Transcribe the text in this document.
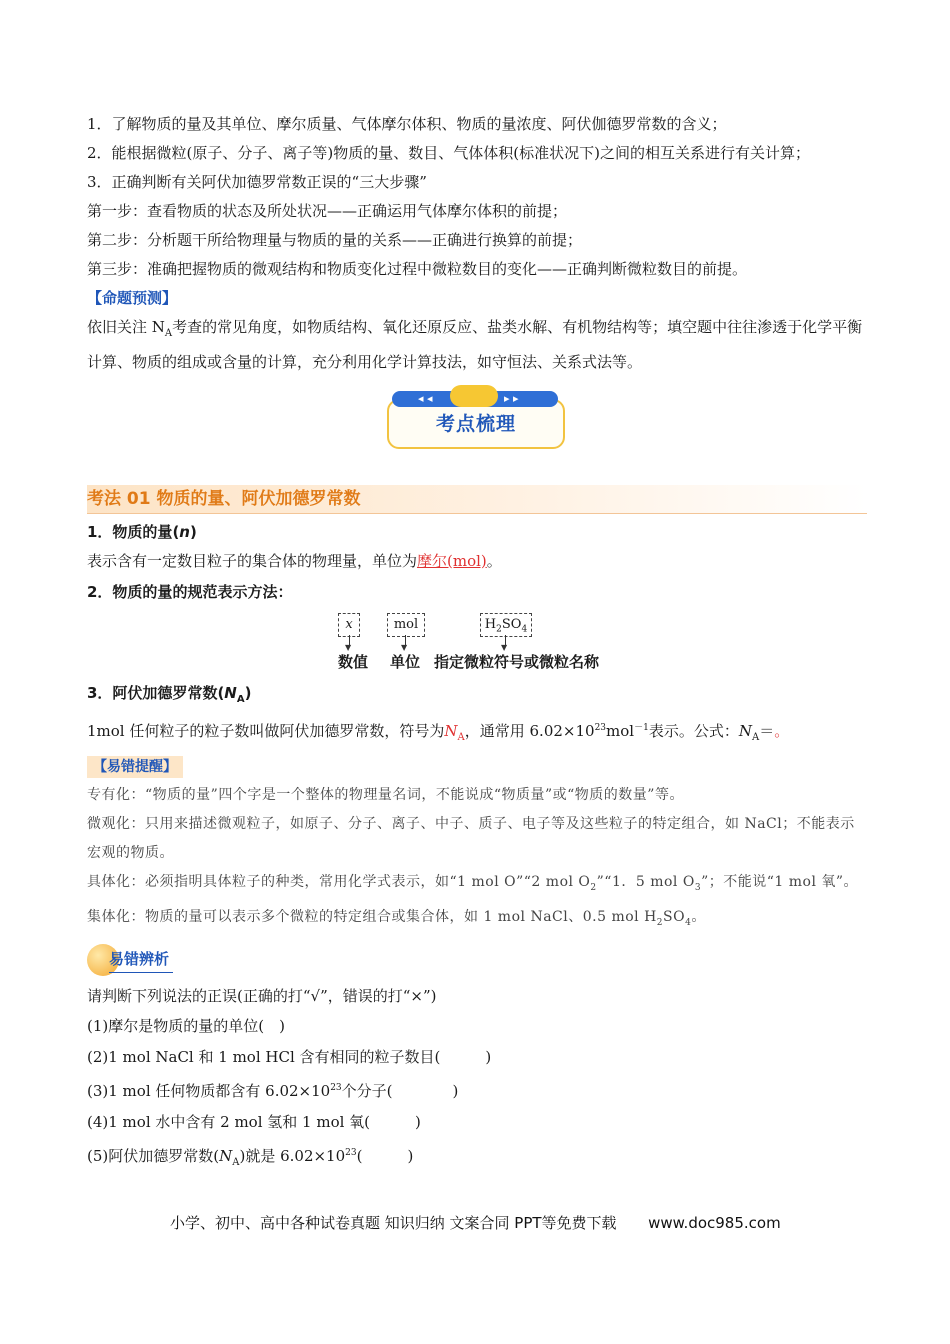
1．了解物质的量及其单位、摩尔质量、气体摩尔体积、物质的量浓度、阿伏伽德罗常数的含义；

2．能根据微粒(原子、分子、离子等)物质的量、数目、气体体积(标准状况下)之间的相互关系进行有关计算；

3．正确判断有关阿伏加德罗常数正误的“三大步骤”

第一步：查看物质的状态及所处状况——正确运用气体摩尔体积的前提；

第二步：分析题干所给物理量与物质的量的关系——正确进行换算的前提；

第三步：准确把握物质的微观结构和物质变化过程中微粒数目的变化——正确判断微粒数目的前提。

【命题预测】

依旧关注 $N_A$考查的常见角度，如物质结构、氧化还原反应、盐类水解、有机物结构等；填空题中往往渗透于化学平衡计算、物质的组成或含量的计算，充分利用化学计算技法，如守恒法、关系式法等。

◂ ◂	▸ ▸
考点梳理
考法 01 物质的量、阿伏加德罗常数

1．物质的量(n)

表示含有一定数目粒子的集合体的物理量，单位为摩尔(mol)。

2．物质的量的规范表示方法：

x
▼
数值
mol
▼
单位
$H_2SO_4$
▼
指定微粒符号或微粒名称

3．阿伏加德罗常数$(N_A)$

1mol 任何粒子的粒子数叫做阿伏加德罗常数，符号为$N_A$，通常用 $6.02\times 10^{23}mol^{-1}$表示。公式：$N_A=$。

【易错提醒】

专有化：“物质的量”四个字是一个整体的物理量名词，不能说成“物质量”或“物质的数量”等。

微观化：只用来描述微观粒子，如原子、分子、离子、中子、质子、电子等及这些粒子的特定组合，如 NaCl；不能表示宏观的物质。

具体化：必须指明具体粒子的种类，常用化学式表示，如“1 mol O”“2 mol $O_2”“1$．5 mol $O_3$”；不能说“1 mol 氧”。

集体化：物质的量可以表示多个微粒的特定组合或集合体，如 1 mol NaCl、0.5 mol $H_2SO_4$。

易错辨析

请判断下列说法的正误(正确的打“√”，错误的打“×”)

(1)摩尔是物质的量的单位(　)

(2)1 mol NaCl 和 1 mol HCl 含有相同的粒子数目(　　　)

(3)1 mol 任何物质都含有 $6.02\times 10^{23}$个分子(　　　　)

(4)1 mol 水中含有 2 mol 氢和 1 mol 氧(　　　)

(5)阿伏加德罗常数$(N_A)$就是 $6.02\times 10^{23}$(　　　)

小学、初中、高中各种试卷真题 知识归纳 文案合同 PPT等免费下载 www.doc985.com
